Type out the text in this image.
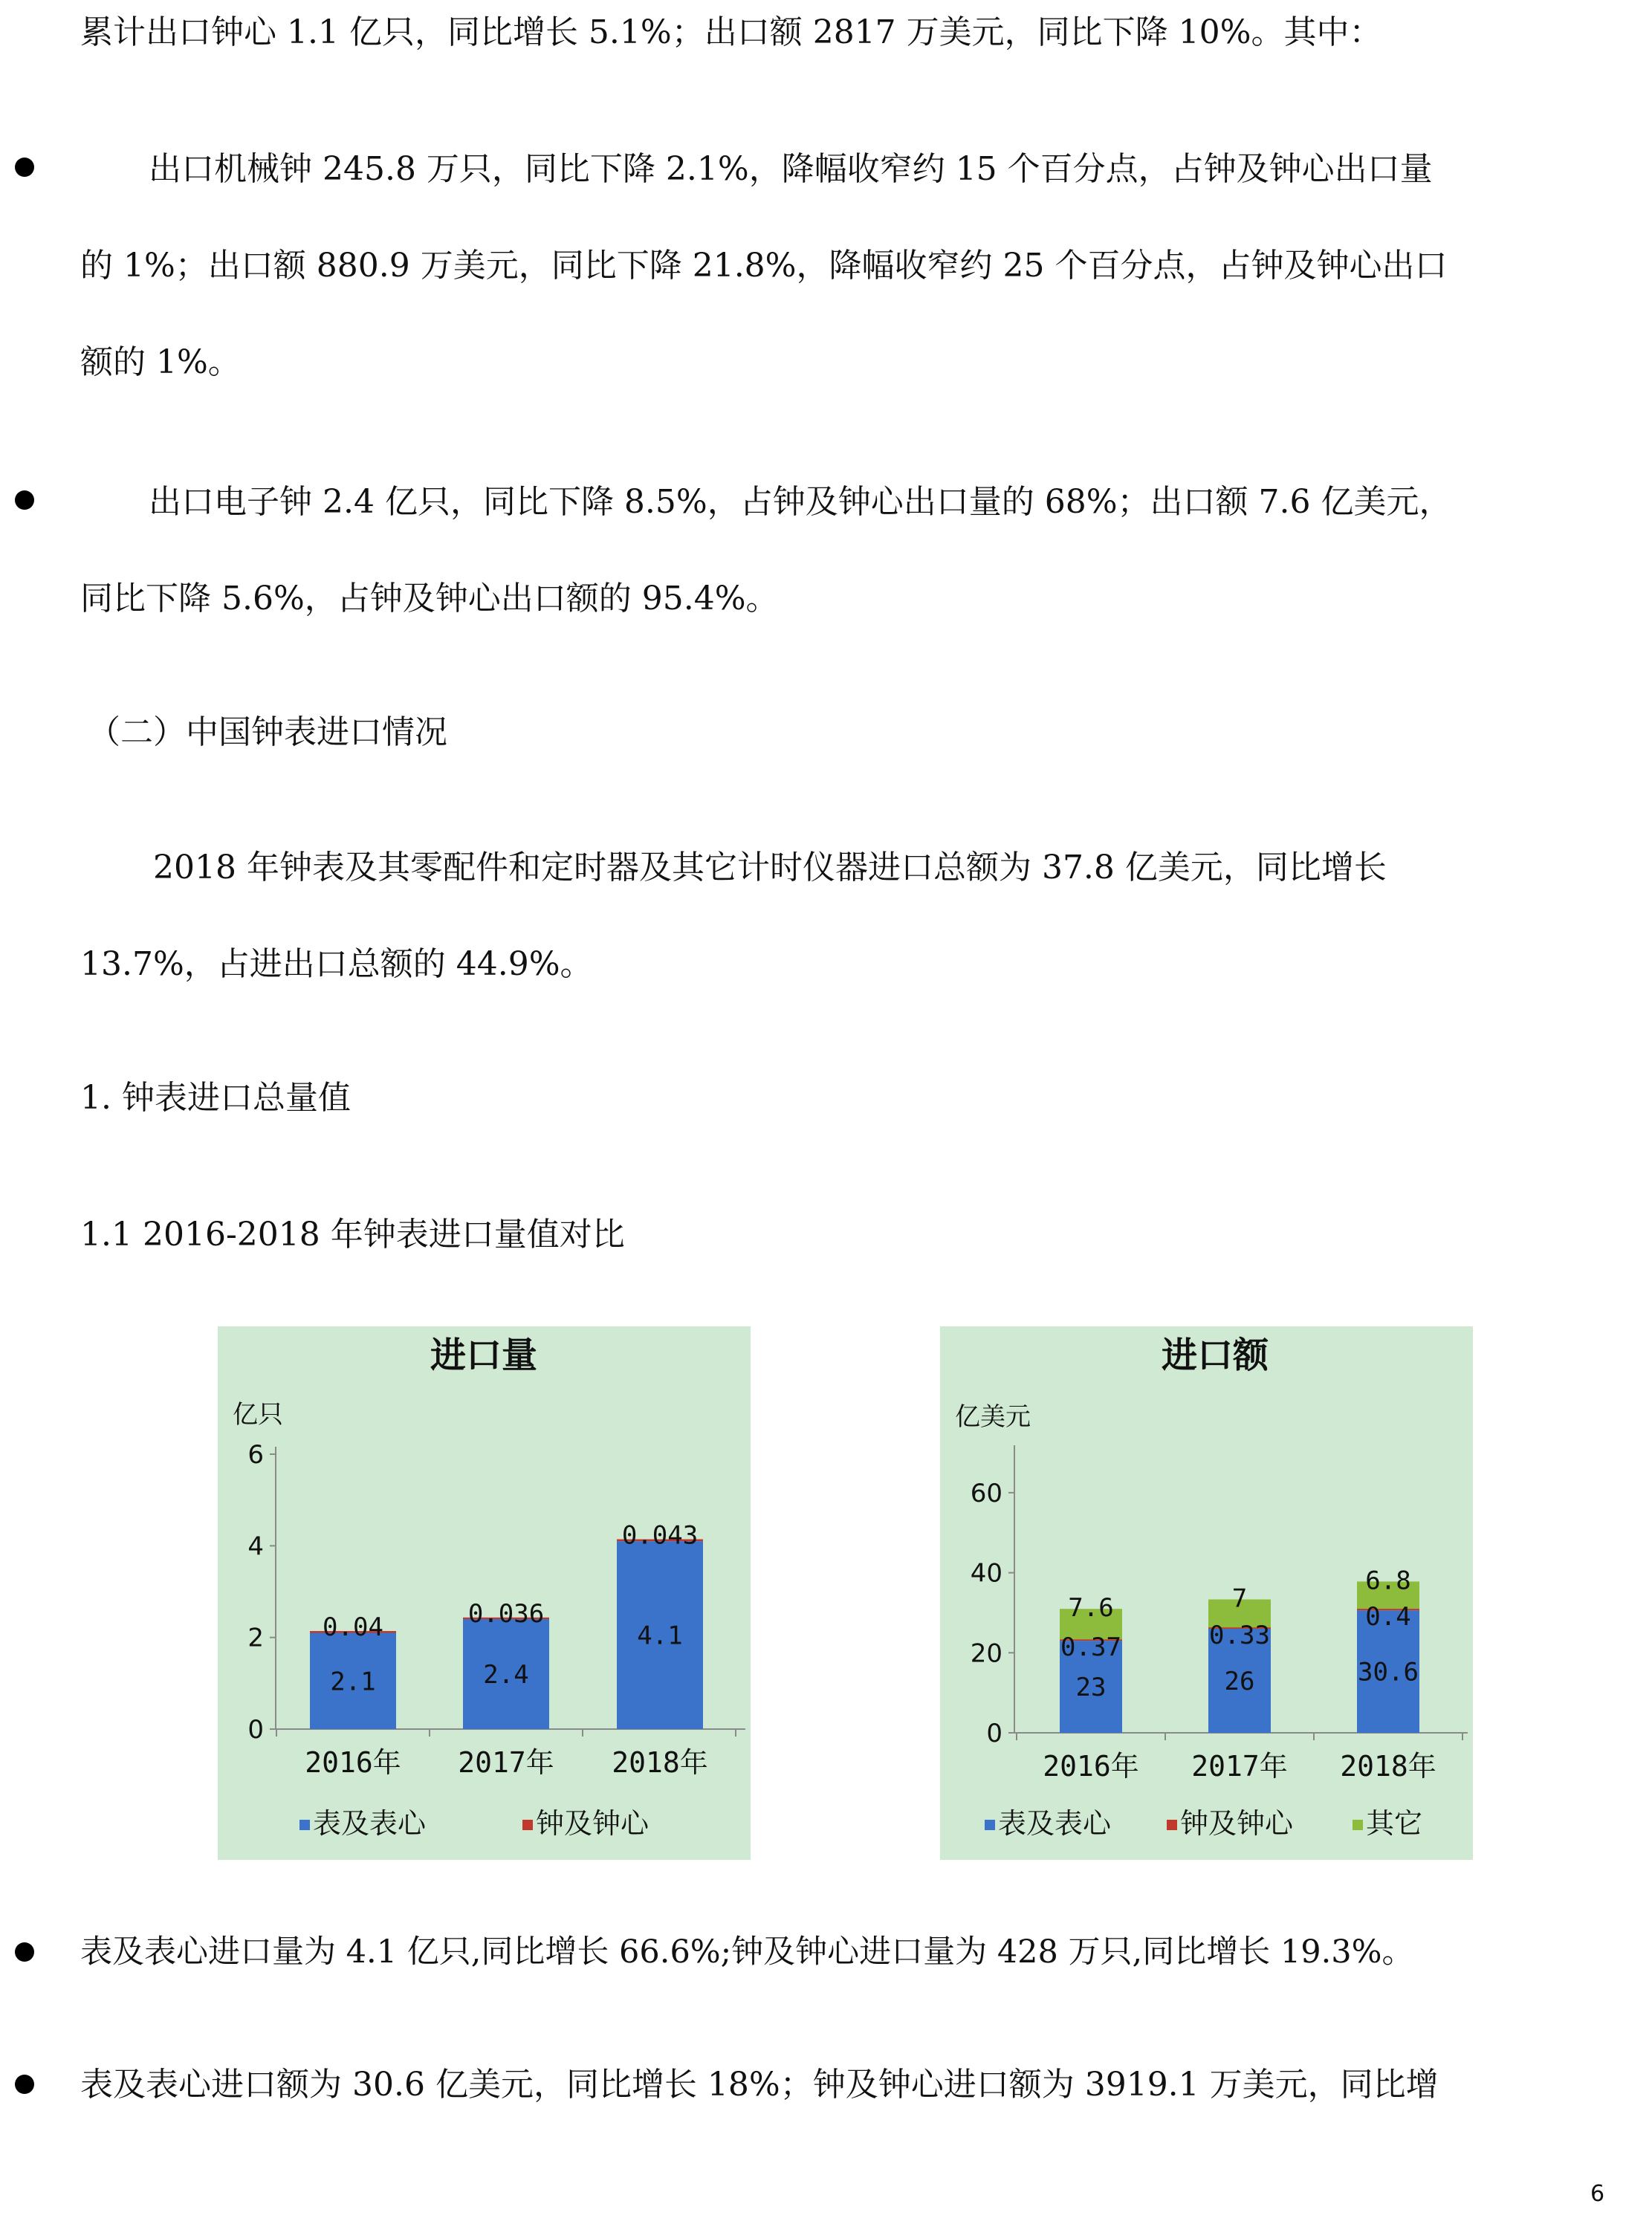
累计出口钟心 1.1 亿只，同比增长 5.1%；出口额 2817 万美元，同比下降 10%。其中：
出口机械钟 245.8 万只，同比下降 2.1%，降幅收窄约 15 个百分点，占钟及钟心出口量
的 1%；出口额 880.9 万美元，同比下降 21.8%，降幅收窄约 25 个百分点，占钟及钟心出口
额的 1%。
出口电子钟 2.4 亿只，同比下降 8.5%，占钟及钟心出口量的 68%；出口额 7.6 亿美元，
同比下降 5.6%，占钟及钟心出口额的 95.4%。
（二）中国钟表进口情况
2018 年钟表及其零配件和定时器及其它计时仪器进口总额为 37.8 亿美元，同比增长
13.7%，占进出口总额的 44.9%。
1. 钟表进口总量值
1.1 2016-2018 年钟表进口量值对比
进口量
亿只
0
2
4
6
2016年 2017年 2018年
2.1
0.04
2.4
0.036
4.1
0.043
表及表心	钟及钟心
进口额
亿美元
0
20
40
60
2016年 2017年 2018年
23
0.37
7.6
26
0.33
7
30.6
0.4
6.8
表及表心 钟及钟心	其它
表及表心进口量为 4.1 亿只,同比增长 66.6%;钟及钟心进口量为 428 万只,同比增长 19.3%。
表及表心进口额为 30.6 亿美元，同比增长 18%；钟及钟心进口额为 3919.1 万美元，同比增
6
